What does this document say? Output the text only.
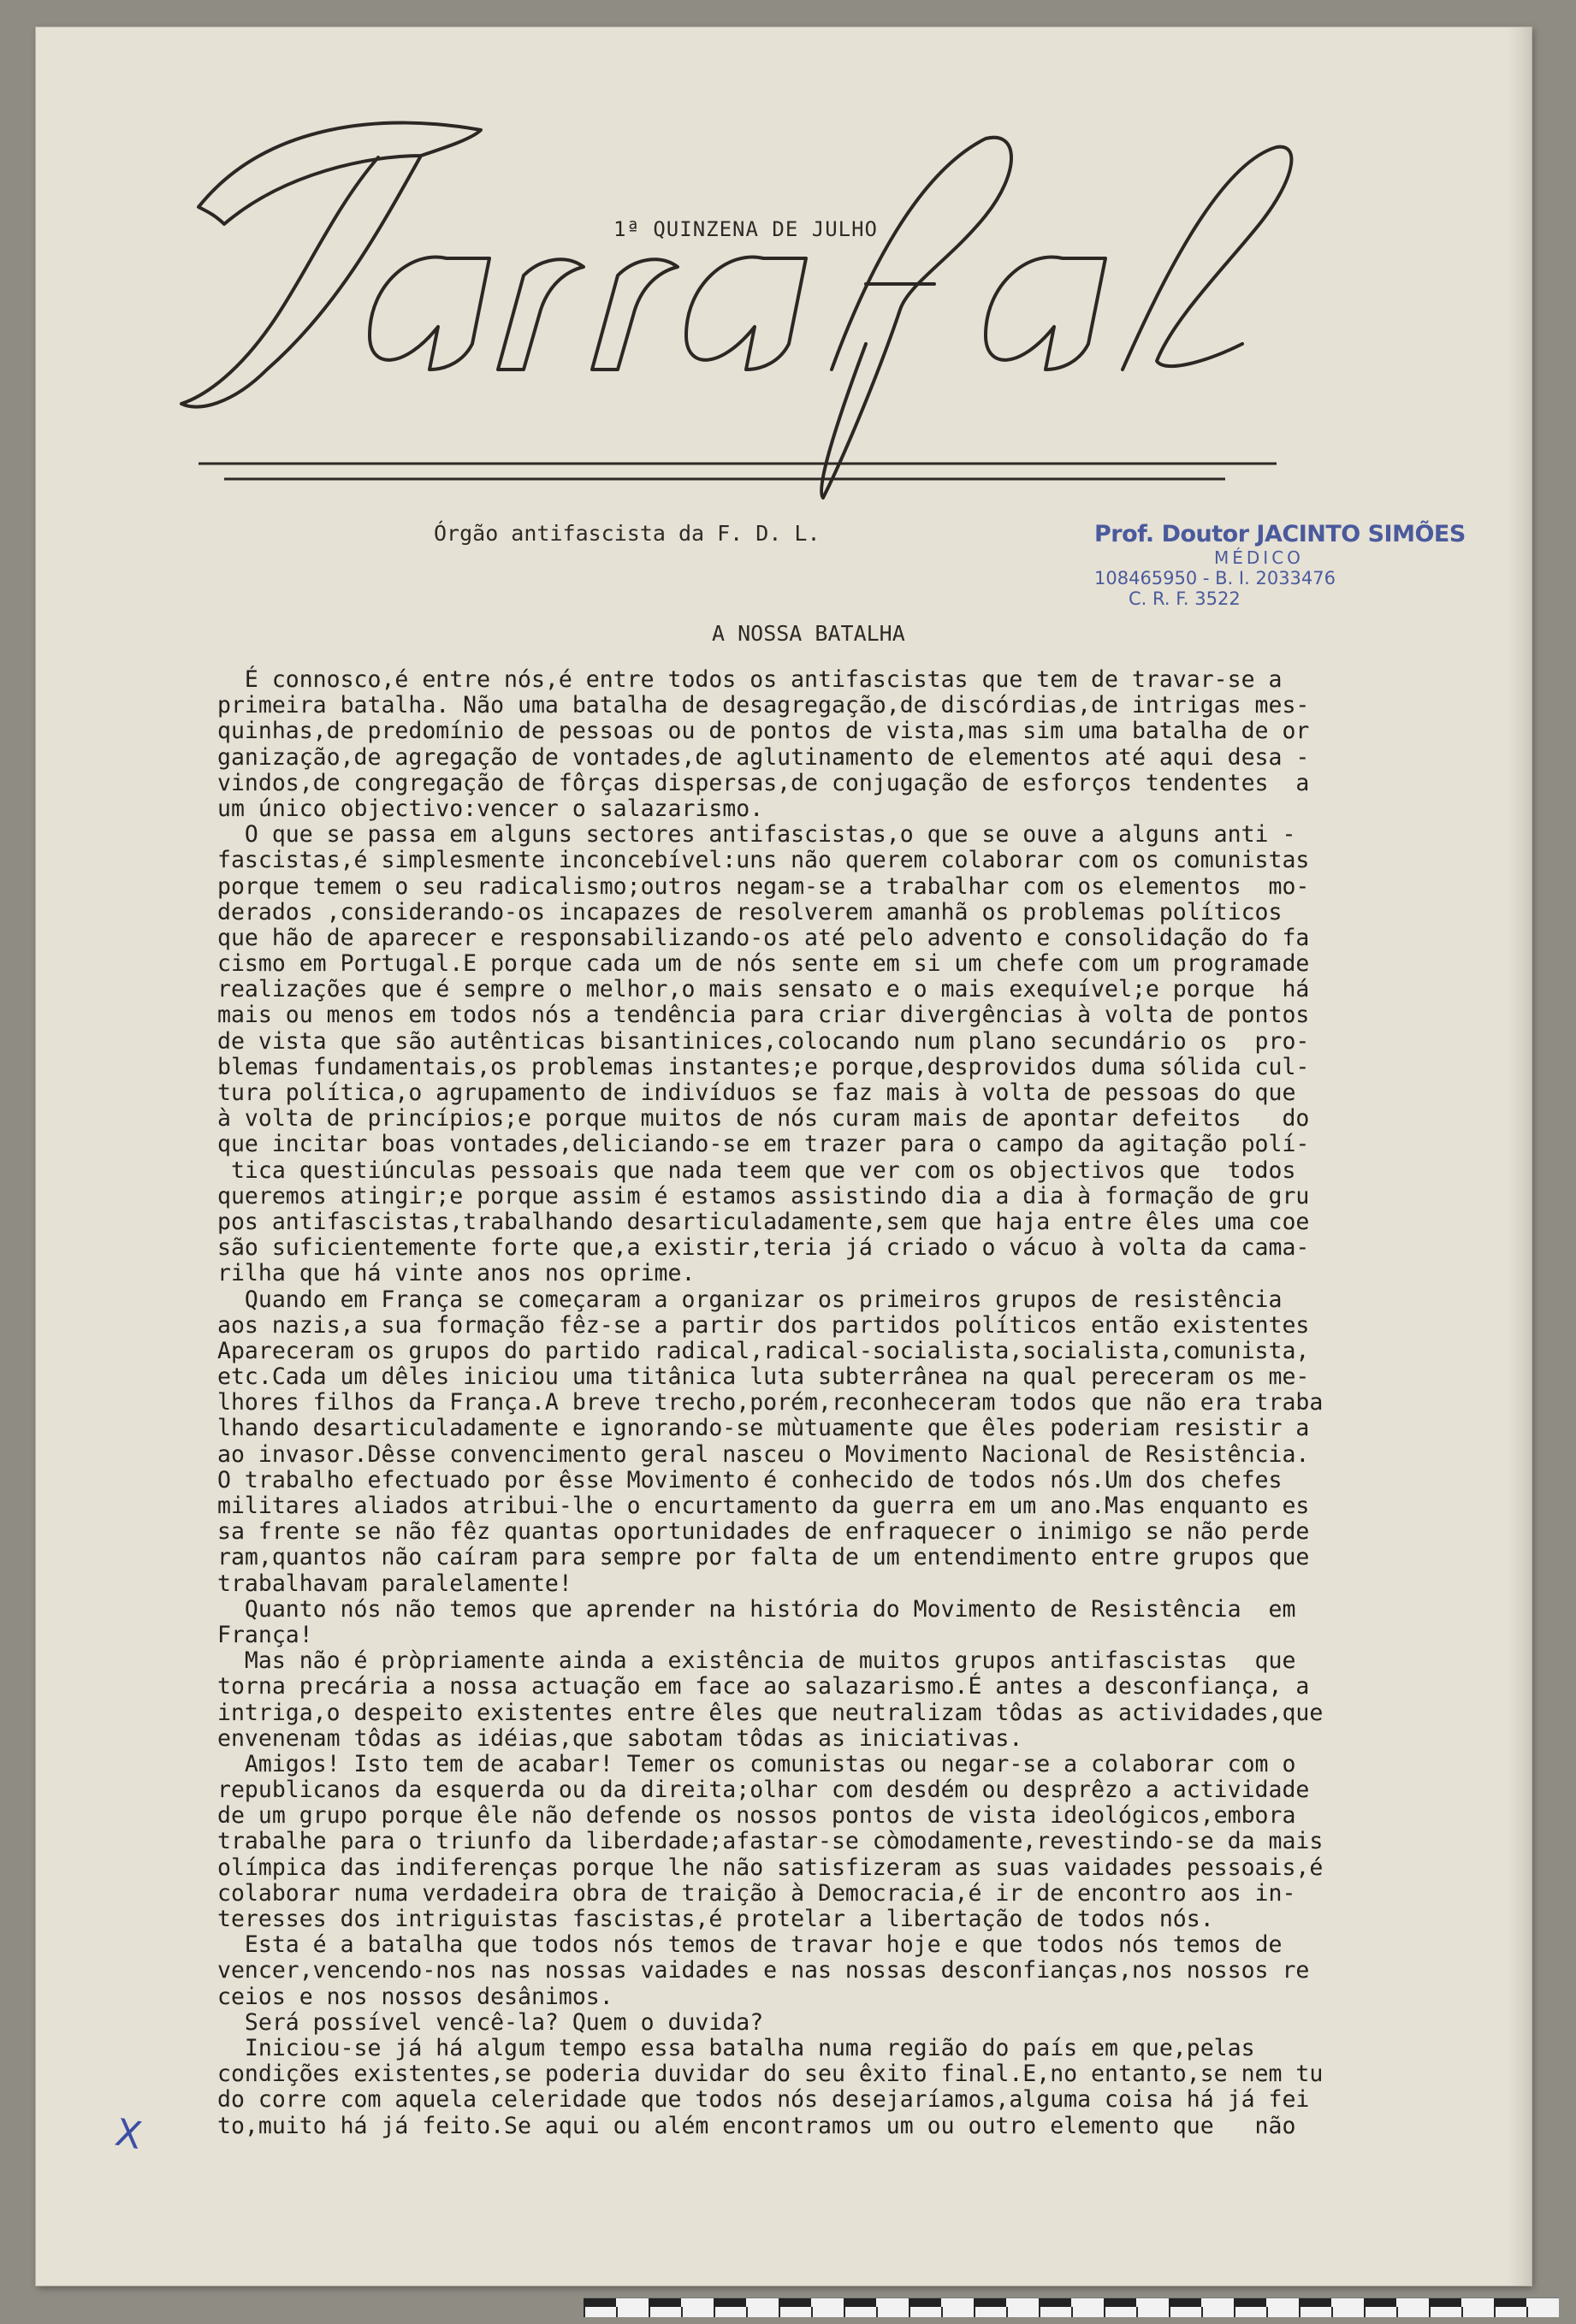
1ª QUINZENA DE JULHO
Órgão antifascista da F. D. L.	Prof. Doutor JACINTO SIMÕES
MÉDICO
108465950 - B. I. 2033476
C. R. F. 3522
A NOSSA BATALHA
É connosco,é entre nós,é entre todos os antifascistas que tem de travar-se a
primeira batalha. Não uma batalha de desagregação,de discórdias,de intrigas mes-
quinhas,de predomínio de pessoas ou de pontos de vista,mas sim uma batalha de or
ganização,de agregação de vontades,de aglutinamento de elementos até aqui desa -
vindos,de congregação de fôrças dispersas,de conjugação de esforços tendentes  a
um único objectivo:vencer o salazarismo.
O que se passa em alguns sectores antifascistas,o que se ouve a alguns anti -
fascistas,é simplesmente inconcebível:uns não querem colaborar com os comunistas
porque temem o seu radicalismo;outros negam-se a trabalhar com os elementos  mo-
derados ,considerando-os incapazes de resolverem amanhã os problemas políticos
que hão de aparecer e responsabilizando-os até pelo advento e consolidação do fa
cismo em Portugal.E porque cada um de nós sente em si um chefe com um programade
realizações que é sempre o melhor,o mais sensato e o mais exequível;e porque  há
mais ou menos em todos nós a tendência para criar divergências à volta de pontos
de vista que são autênticas bisantinices,colocando num plano secundário os  pro-
blemas fundamentais,os problemas instantes;e porque,desprovidos duma sólida cul-
tura política,o agrupamento de indivíduos se faz mais à volta de pessoas do que
à volta de princípios;e porque muitos de nós curam mais de apontar defeitos   do
que incitar boas vontades,deliciando-se em trazer para o campo da agitação polí-
tica questiúnculas pessoais que nada teem que ver com os objectivos que  todos
queremos atingir;e porque assim é estamos assistindo dia a dia à formação de gru
pos antifascistas,trabalhando desarticuladamente,sem que haja entre êles uma coe
são suficientemente forte que,a existir,teria já criado o vácuo à volta da cama-
rilha que há vinte anos nos oprime.
Quando em França se começaram a organizar os primeiros grupos de resistência
aos nazis,a sua formação fêz-se a partir dos partidos políticos então existentes
Apareceram os grupos do partido radical,radical-socialista,socialista,comunista,
etc.Cada um dêles iniciou uma titânica luta subterrânea na qual pereceram os me-
lhores filhos da França.A breve trecho,porém,reconheceram todos que não era traba
lhando desarticuladamente e ignorando-se mùtuamente que êles poderiam resistir a
ao invasor.Dêsse convencimento geral nasceu o Movimento Nacional de Resistência.
O trabalho efectuado por êsse Movimento é conhecido de todos nós.Um dos chefes
militares aliados atribui-lhe o encurtamento da guerra em um ano.Mas enquanto es
sa frente se não fêz quantas oportunidades de enfraquecer o inimigo se não perde
ram,quantos não caíram para sempre por falta de um entendimento entre grupos que
trabalhavam paralelamente!
Quanto nós não temos que aprender na história do Movimento de Resistência  em
França!
Mas não é pròpriamente ainda a existência de muitos grupos antifascistas  que
torna precária a nossa actuação em face ao salazarismo.É antes a desconfiança, a
intriga,o despeito existentes entre êles que neutralizam tôdas as actividades,que
envenenam tôdas as idéias,que sabotam tôdas as iniciativas.
Amigos! Isto tem de acabar! Temer os comunistas ou negar-se a colaborar com o
republicanos da esquerda ou da direita;olhar com desdém ou desprêzo a actividade
de um grupo porque êle não defende os nossos pontos de vista ideológicos,embora
trabalhe para o triunfo da liberdade;afastar-se còmodamente,revestindo-se da mais
olímpica das indiferenças porque lhe não satisfizeram as suas vaidades pessoais,é
colaborar numa verdadeira obra de traição à Democracia,é ir de encontro aos in-
teresses dos intriguistas fascistas,é protelar a libertação de todos nós.
Esta é a batalha que todos nós temos de travar hoje e que todos nós temos de
vencer,vencendo-nos nas nossas vaidades e nas nossas desconfianças,nos nossos re
ceios e nos nossos desânimos.
Será possível vencê-la? Quem o duvida?
Iniciou-se já há algum tempo essa batalha numa região do país em que,pelas
condições existentes,se poderia duvidar do seu êxito final.E,no entanto,se nem tu
do corre com aquela celeridade que todos nós desejaríamos,alguma coisa há já fei
to,muito há já feito.Se aqui ou além encontramos um ou outro elemento que   não
X
